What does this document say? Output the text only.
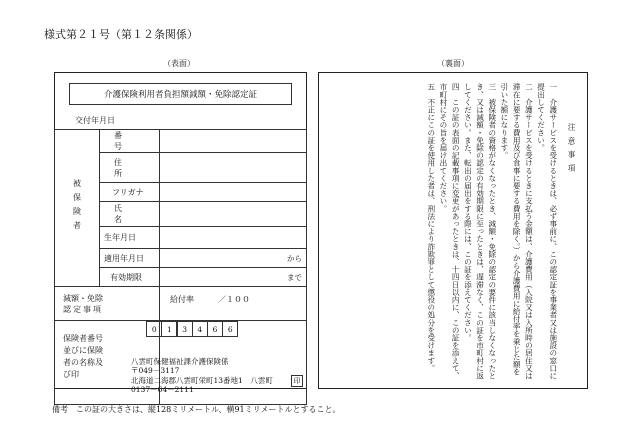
様式第２１号（第１２条関係）
（表面）	（裏面）
介護保険利用者負担額減額・免除認定証
交付年月日
被保険者	番　号	
	住　所	
	フリガナ	
	氏　名	
	生年月日	
	適用年月日	から
	有効期限	まで

減額・免除
認定事項		

保険者番号
並びに保険
者の名称及
び印		

給付率　　　／１００
0	1	3	4	6	6
八雲町保健福祉課介護保険係
〒049－3117
北海道二海郡八雲町栄町13番地1　八雲町
0137－64－2111
印

注意事項

一　介護サービスを受けるときは、必ず事前に、この認定証を事業者又は施設の窓口に提出してください。

二　介護サービスを受けるときに支払う金額は、介護費用（入院又は入所時の居住又は滞在に要する費用及び食事に要する費用を除く。）から介護費用に給付率を乗じた額を引いた額になります。

三　被保険者の資格がなくなったとき、減額・免除の認定の要件に該当しなくなったとき、又は減額・免除の認定の有効期限に至ったときは、遅滞なく、この証を市町村に返してください。また、転出の届出をする際には、この証を添えてください。

四　この証の表面の記載事項に変更があったときは、十四日以内に、この証を添えて、市町村にその旨を届け出てください。

五　不正にこの証を使用した者は、刑法により詐欺罪として懲役の処分を受けます。

備考　この証の大きさは、縦128ミリメートル、横91ミリメートルとすること。
